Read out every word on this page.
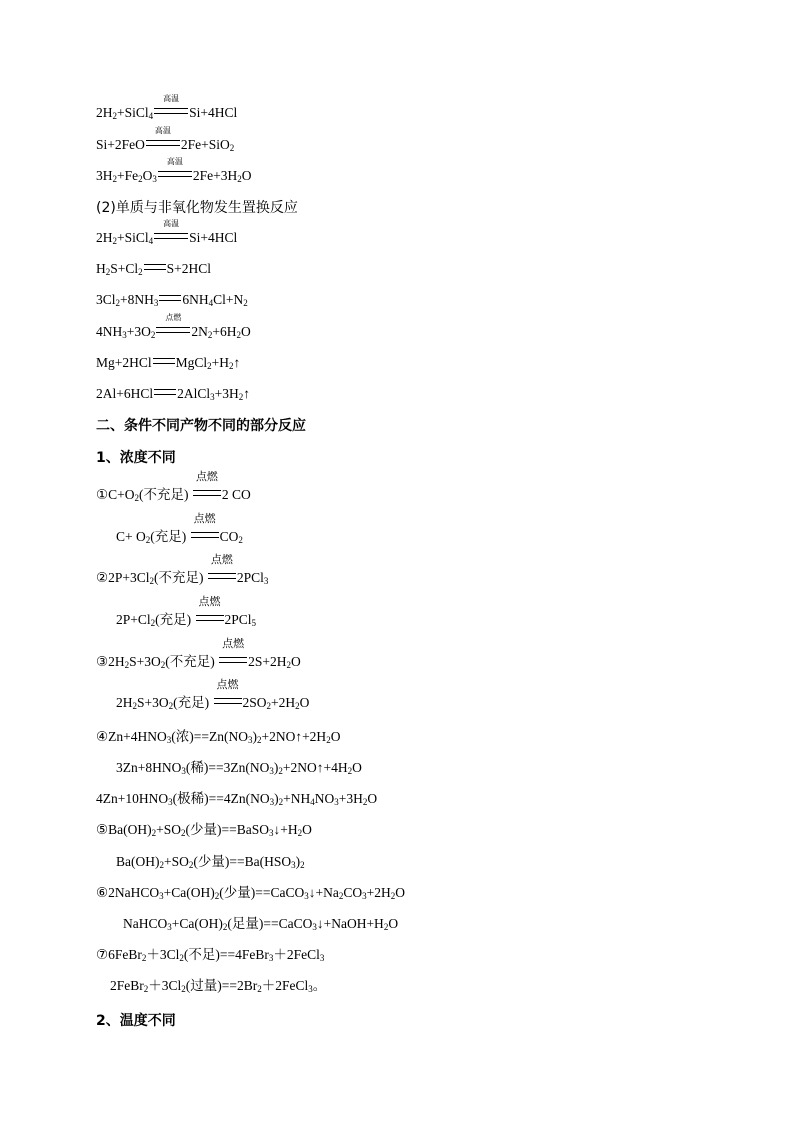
$2H_2+SiCl_4$
高温
Si+4HCl
Si+2FeO
高温
2Fe+SiO$_2$
$3H_2+Fe_2O_3$
高温
$2Fe+3H_2O$
(2)单质与非氧化物发生置换反应
$2H_2+SiCl_4$
高温
Si+4HCl
$H_2S+Cl_2$ S+2HCl
$3Cl_2+8NH_3$ $6NH_4Cl+N_2$
$4NH_3+3O_2$
点燃
$2N_2+6H_2O$
Mg+2HCl $MgCl_2+H_2↑$
2Al+6HCl $2AlCl_3+3H_2↑$
二、条件不同产物不同的部分反应
1、浓度不同
$①C+O_2$(不充足)
点燃
2 CO
$C+ O_2$(充足)
点燃
$CO_2$
$②2P+3Cl_2$(不充足)
点燃
2PCl$_3$
$2P+Cl_2$(充足)
点燃
2PCl$_5$
$③2H_2S+3O_2$(不充足)
点燃
$2S+2H_2O$
$2H_2S+3O_2$(充足)
点燃
$2SO_2+2H_2O$
$④Zn+4HNO_3$(浓)$==Zn(NO_3)_2+2NO↑+2H_2O$
$3Zn+8HNO_3$(稀)$==3Zn(NO_3)_2+2NO↑+4H_2O$
$4Zn+10HNO_3$(极稀)$==4Zn(NO_3)_2+NH_4NO_3+3H_2O$
$⑤Ba(OH)_2+SO_2$(少量)$==BaSO_3↓+H_2O$
$Ba(OH)_2+SO_2$(少量)$==Ba(HSO_3)_2$
$⑥2NaHCO_3+Ca(OH)_2$(少量)$==CaCO_3↓+Na_2CO_3+2H_2O$
$NaHCO_3+Ca(OH)_2$(足量)$==CaCO_3↓+NaOH+H_2O$
$⑦6FeBr_2+3Cl_2$(不足)==4FeBr$_3$＋2FeCl$_3$
$2FeBr_2+3Cl_2$(过量)$==2Br_2+2FeCl_3$。
2、温度不同
